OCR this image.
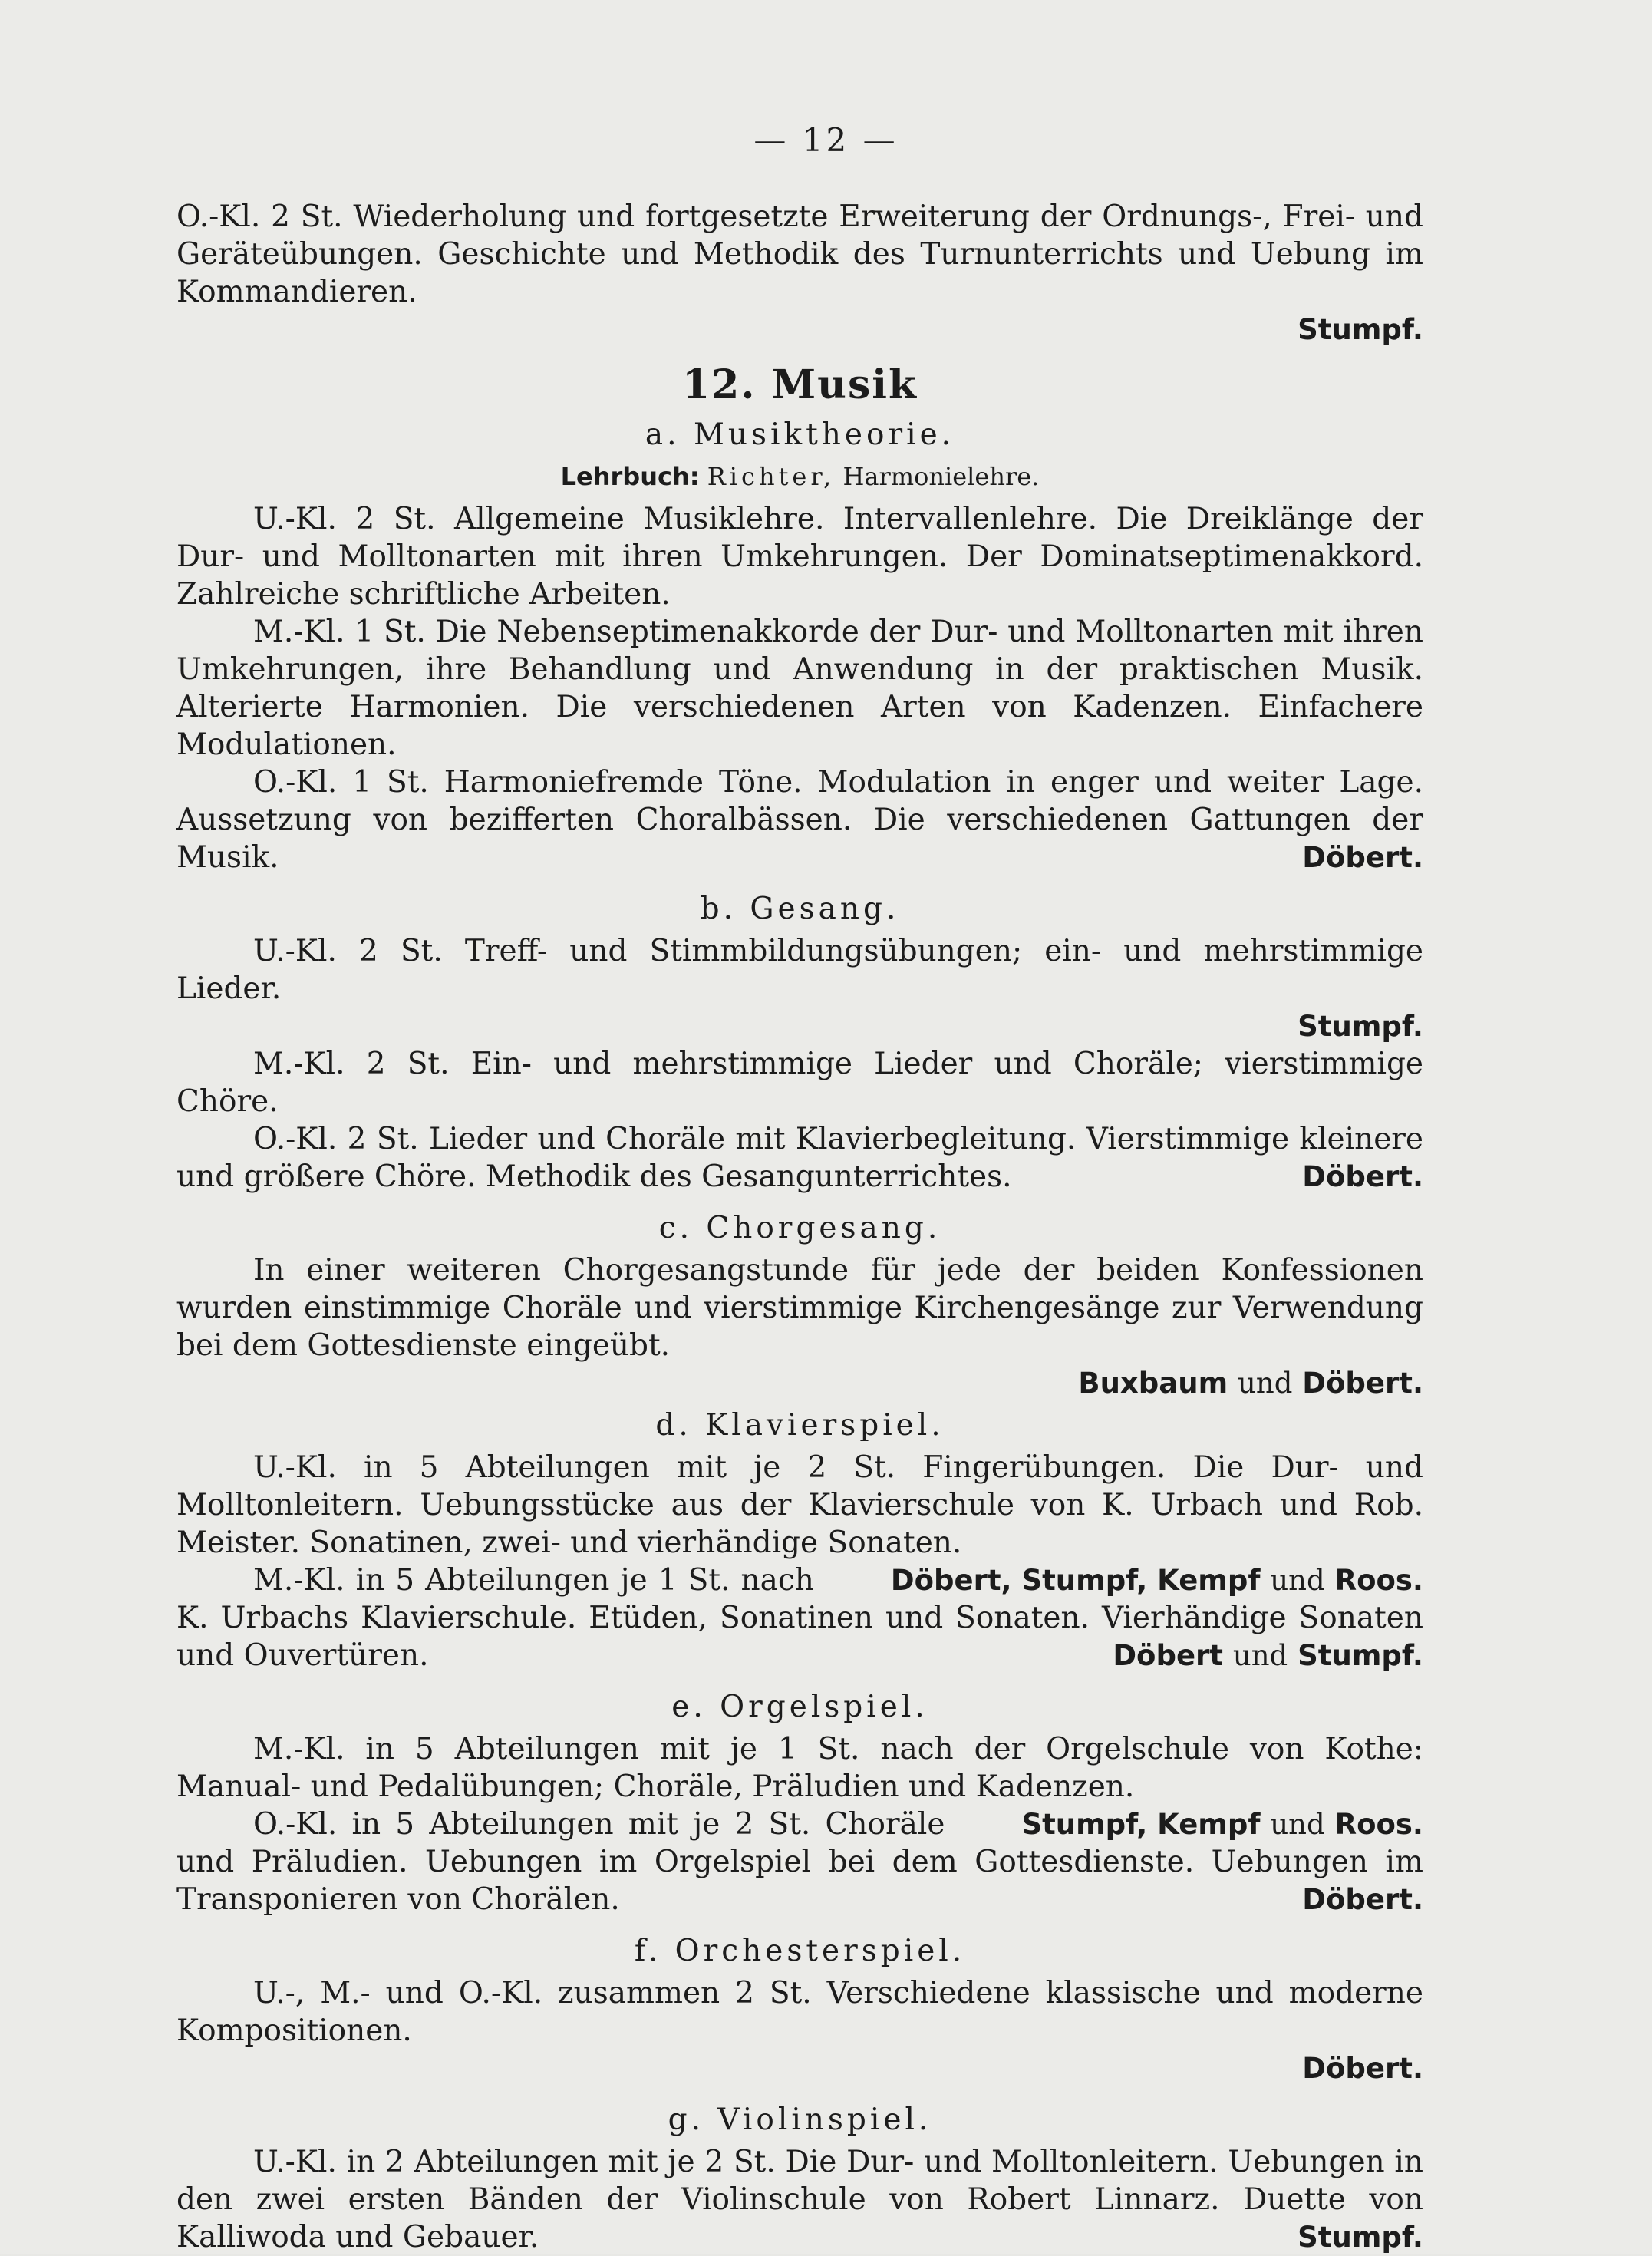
— 12 —

O.-Kl. 2 St. Wiederholung und fortgesetzte Erweiterung der Ordnungs-, Frei- und Geräteübungen. Geschichte und Methodik des Turnunterrichts und Uebung im Kommandieren.

Stumpf.
12. Musik
a. Musiktheorie.
Lehrbuch: Richter, Harmonielehre.

U.-Kl. 2 St. Allgemeine Musiklehre. Intervallenlehre. Die Dreiklänge der Dur- und Molltonarten mit ihren Umkehrungen. Der Dominatseptimenakkord. Zahlreiche schriftliche Arbeiten.

M.-Kl. 1 St. Die Nebenseptimenakkorde der Dur- und Molltonarten mit ihren Umkehrungen, ihre Behandlung und Anwendung in der praktischen Musik. Alterierte Harmonien. Die verschiedenen Arten von Kadenzen. Einfachere Modulationen.

O.-Kl. 1 St. Harmoniefremde Töne. Modulation in enger und weiter Lage. Aussetzung von bezifferten Choralbässen. Die verschiedenen Gattungen der Musik.	Döbert.

b. Gesang.

U.-Kl. 2 St. Treff- und Stimmbildungsübungen; ein- und mehrstimmige Lieder.

Stumpf.

M.-Kl. 2 St. Ein- und mehrstimmige Lieder und Choräle; vierstimmige Chöre.

O.-Kl. 2 St. Lieder und Choräle mit Klavierbegleitung. Vierstimmige kleinere und größere Chöre. Methodik des Gesangunterrichtes.	Döbert.

c. Chorgesang.

In einer weiteren Chorgesangstunde für jede der beiden Konfessionen wurden einstimmige Choräle und vierstimmige Kirchengesänge zur Verwendung bei dem Gottesdienste eingeübt.

Buxbaum und Döbert.
d. Klavierspiel.

U.-Kl. in 5 Abteilungen mit je 2 St. Fingerübungen. Die Dur- und Molltonleitern. Uebungsstücke aus der Klavierschule von K. Urbach und Rob. Meister. Sonatinen, zwei- und vierhändige Sonaten.
Döbert, Stumpf, Kempf und Roos.

M.-Kl. in 5 Abteilungen je 1 St. nach K. Urbachs Klavierschule. Etüden, Sonatinen und Sonaten. Vierhändige Sonaten und Ouvertüren.	Döbert und Stumpf.

e. Orgelspiel.

M.-Kl. in 5 Abteilungen mit je 1 St. nach der Orgelschule von Kothe: Manual- und Pedalübungen; Choräle, Präludien und Kadenzen.
Stumpf, Kempf und Roos.

O.-Kl. in 5 Abteilungen mit je 2 St. Choräle und Präludien. Uebungen im Orgelspiel bei dem Gottesdienste. Uebungen im Transponieren von Chorälen.	Döbert.

f. Orchesterspiel.

U.-, M.- und O.-Kl. zusammen 2 St. Verschiedene klassische und moderne Kompositionen.

Döbert.
g. Violinspiel.

U.-Kl. in 2 Abteilungen mit je 2 St. Die Dur- und Molltonleitern. Uebungen in den zwei ersten Bänden der Violinschule von Robert Linnarz. Duette von Kalliwoda und Gebauer.	Stumpf.
